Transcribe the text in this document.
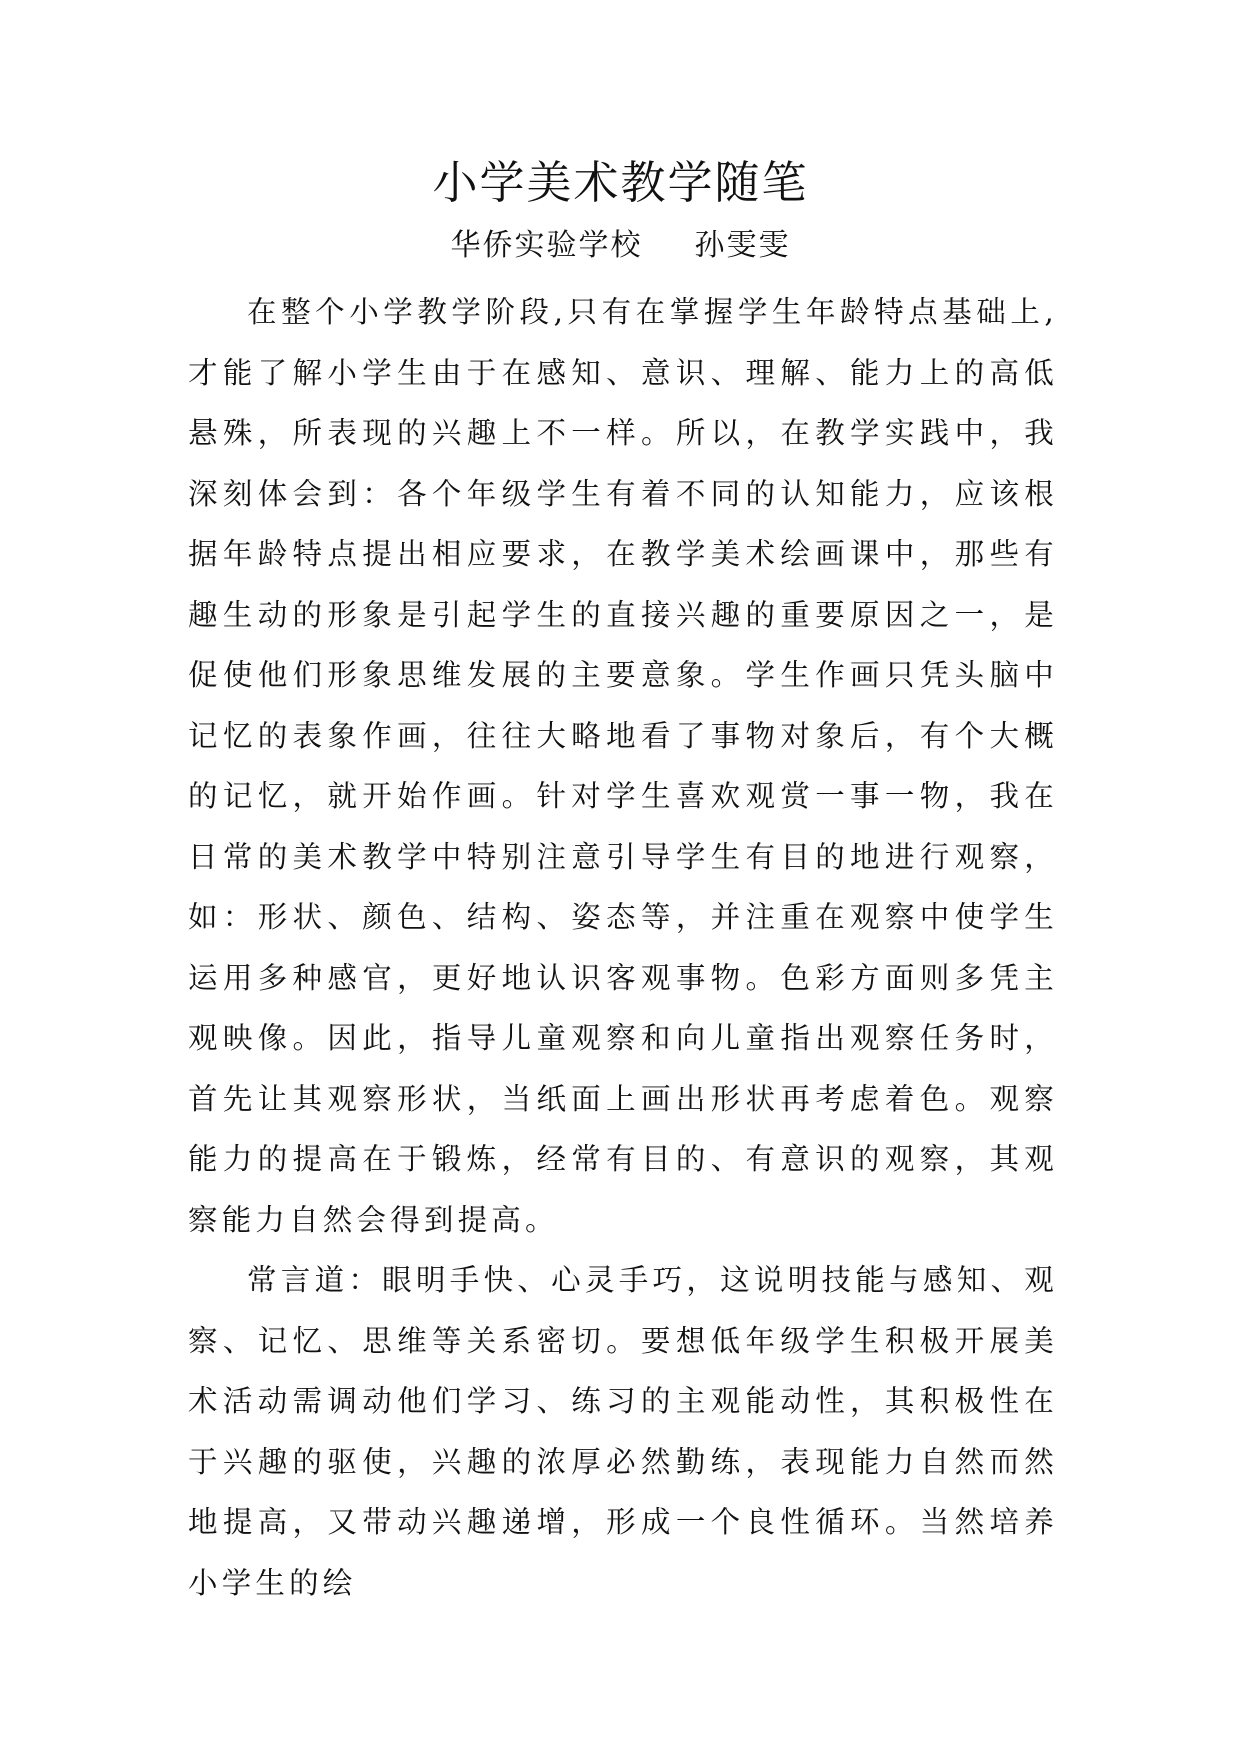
小学美术教学随笔
华侨实验学校 孙雯雯

在整个小学教学阶段,只有在掌握学生年龄特点基础上,才能了解小学生由于在感知、意识、理解、能力上的高低悬殊，所表现的兴趣上不一样。所以，在教学实践中，我深刻体会到：各个年级学生有着不同的认知能力，应该根据年龄特点提出相应要求，在教学美术绘画课中，那些有趣生动的形象是引起学生的直接兴趣的重要原因之一，是促使他们形象思维发展的主要意象。学生作画只凭头脑中记忆的表象作画，往往大略地看了事物对象后，有个大概的记忆，就开始作画。针对学生喜欢观赏一事一物，我在日常的美术教学中特别注意引导学生有目的地进行观察，如：形状、颜色、结构、姿态等，并注重在观察中使学生运用多种感官，更好地认识客观事物。色彩方面则多凭主观映像。因此，指导儿童观察和向儿童指出观察任务时，首先让其观察形状，当纸面上画出形状再考虑着色。观察能力的提高在于锻炼，经常有目的、有意识的观察，其观察能力自然会得到提高。

常言道：眼明手快、心灵手巧，这说明技能与感知、观察、记忆、思维等关系密切。要想低年级学生积极开展美术活动需调动他们学习、练习的主观能动性，其积极性在于兴趣的驱使，兴趣的浓厚必然勤练，表现能力自然而然地提高，又带动兴趣递增，形成一个良性循环。当然培养小学生的绘
